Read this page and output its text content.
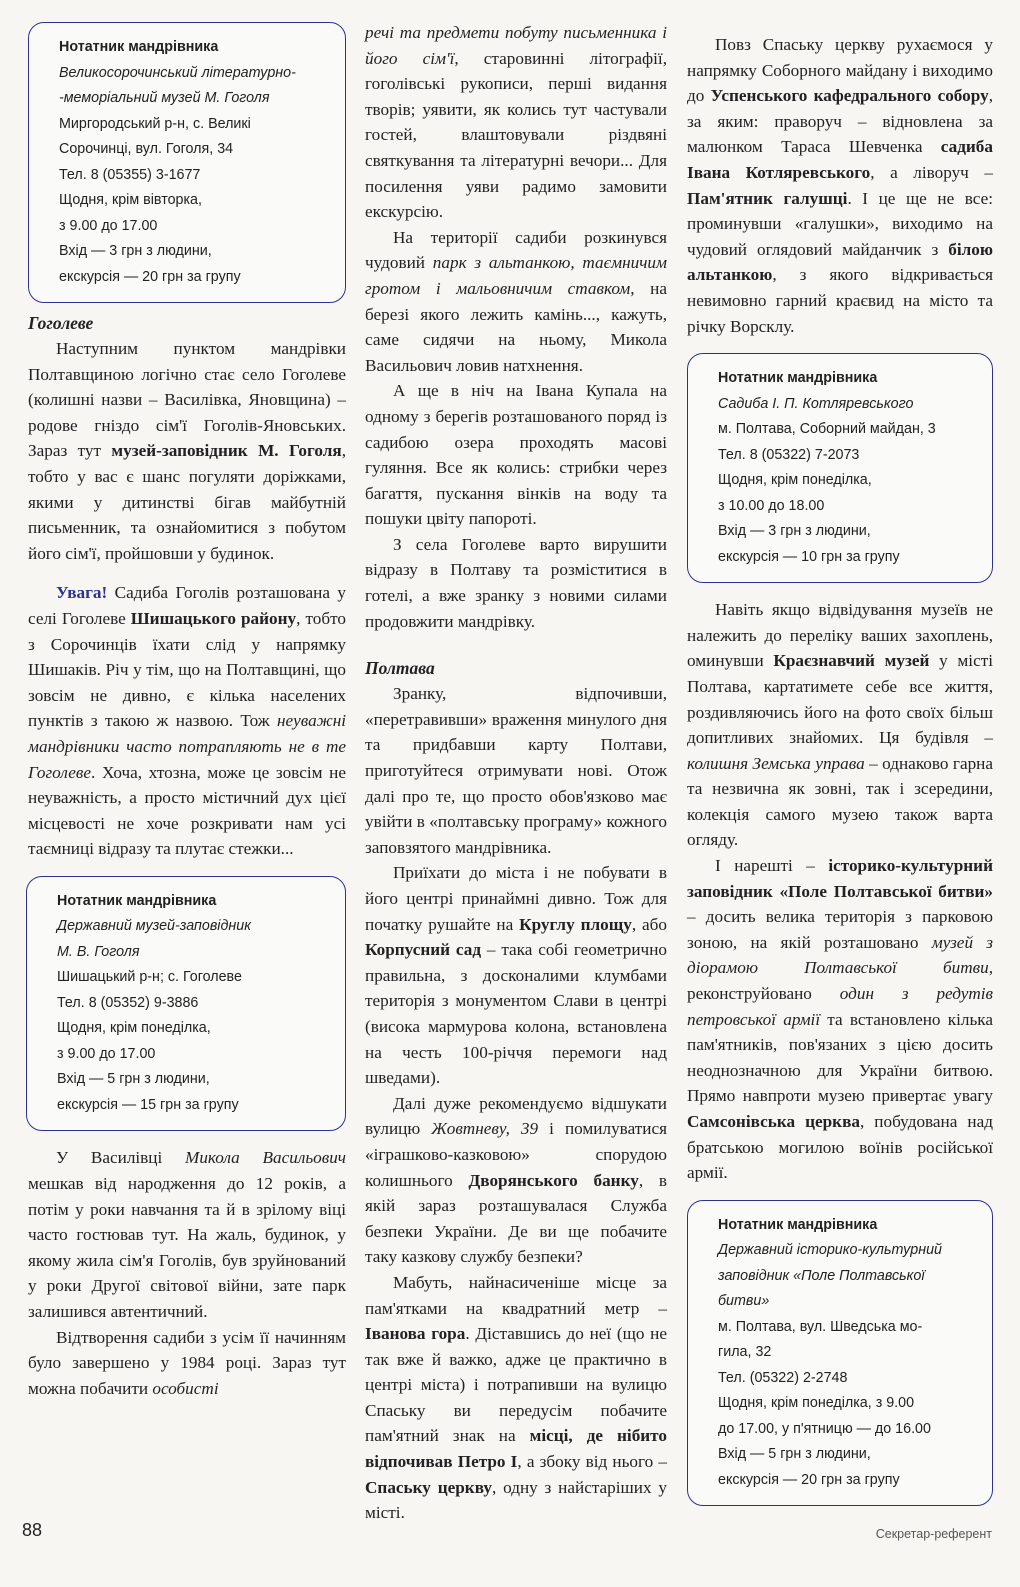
Нотатник мандрівника
Великосорочинський літературно-
-меморіальний музей М. Гоголя
Миргородський р-н, с. Великі
Сорочинці, вул. Гоголя, 34
Тел. 8 (05355) 3-1677
Щодня, крім вівторка,
з 9.00 до 17.00
Вхід — 3 грн з людини,
екскурсія — 20 грн за групу
Гоголеве

Наступним пунктом мандрівки Полтавщиною логічно стає село Гоголеве (колишні назви – Василівка, Яновщина) – родове гніздо сім'ї Гоголів-Яновських. Зараз тут музей-заповідник М. Гоголя, тобто у вас є шанс погуляти доріжками, якими у дитинстві бігав майбутній письменник, та ознайомитися з побутом його сім'ї, пройшовши у будинок.

Увага! Садиба Гоголів розташована у селі Гоголеве Шишацького району, тобто з Сорочинців їхати слід у напрямку Шишаків. Річ у тім, що на Полтавщині, що зовсім не дивно, є кілька населених пунктів з такою ж назвою. Тож неуважні мандрівники часто потрапляють не в те Гоголеве. Хоча, хтозна, може це зовсім не неуважність, а просто містичний дух цієї місцевості не хоче розкривати нам усі таємниці відразу та плутає стежки...

Нотатник мандрівника
Державний музей-заповідник
М. В. Гоголя
Шишацький р-н; с. Гоголеве
Тел. 8 (05352) 9-3886
Щодня, крім понеділка,
з 9.00 до 17.00
Вхід — 5 грн з людини,
екскурсія — 15 грн за групу

У Василівці Микола Васильович мешкав від народження до 12 років, а потім у роки навчання та й в зрілому віці часто гостював тут. На жаль, будинок, у якому жила сім'я Гоголів, був зруйнований у роки Другої світової війни, зате парк залишився автентичний.

Відтворення садиби з усім її начинням було завершено у 1984 році. Зараз тут можна побачити особисті

речі та предмети побуту письменника і його сім'ї, старовинні літографії, гоголівські рукописи, перші видання творів; уявити, як колись тут частували гостей, влаштовували різдвяні святкування та літературні вечори... Для посилення уяви радимо замовити екскурсію.

На території садиби розкинувся чудовий парк з альтанкою, таємничим гротом і мальовничим ставком, на березі якого лежить камінь..., кажуть, саме сидячи на ньому, Микола Васильович ловив натхнення.

А ще в ніч на Івана Купала на одному з берегів розташованого поряд із садибою озера проходять масові гуляння. Все як колись: стрибки через багаття, пускання вінків на воду та пошуки цвіту папороті.

З села Гоголеве варто вирушити відразу в Полтаву та розміститися в готелі, а вже зранку з новими силами продовжити мандрівку.

Полтава

Зранку, відпочивши, «перетравивши» враження минулого дня та придбавши карту Полтави, приготуйтеся отримувати нові. Отож далі про те, що просто обов'язково має увійти в «полтавську програму» кожного заповзятого мандрівника.

Приїхати до міста і не побувати в його центрі принаймні дивно. Тож для початку рушайте на Круглу площу, або Корпусний сад – така собі геометрично правильна, з досконалими клумбами територія з монументом Слави в центрі (висока мармурова колона, встановлена на честь 100-річчя перемоги над шведами).

Далі дуже рекомендуємо відшукати вулицю Жовтневу, 39 і помилуватися «іграшково-казковою» спорудою колишнього Дворянського банку, в якій зараз розташувалася Служба безпеки України. Де ви ще побачите таку казкову службу безпеки?

Мабуть, найнасиченіше місце за пам'ятками на квадратний метр – Іванова гора. Діставшись до неї (що не так вже й важко, адже це практично в центрі міста) і потрапивши на вулицю Спаську ви передусім побачите пам'ятний знак на місці, де нібито відпочивав Петро І, а збоку від нього – Спаську церкву, одну з найстаріших у місті.

Повз Спаську церкву рухаємося у напрямку Соборного майдану і виходимо до Успенського кафедрального собору, за яким: праворуч – відновлена за малюнком Тараса Шевченка садиба Івана Котляревського, а ліворуч – Пам'ятник галушці. І це ще не все: проминувши «галушки», виходимо на чудовий оглядовий майданчик з білою альтанкою, з якого відкривається невимовно гарний краєвид на місто та річку Ворсклу.

Нотатник мандрівника
Садиба І. П. Котляревського
м. Полтава, Соборний майдан, 3
Тел. 8 (05322) 7-2073
Щодня, крім понеділка,
з 10.00 до 18.00
Вхід — 3 грн з людини,
екскурсія — 10 грн за групу

Навіть якщо відвідування музеїв не належить до переліку ваших захоплень, оминувши Краєзнавчий музей у місті Полтава, картатимете себе все життя, роздивляючись його на фото своїх більш допитливих знайомих. Ця будівля – колишня Земська управа – однаково гарна та незвична як зовні, так і зсередини, колекція самого музею також варта огляду.

І нарешті – історико-культурний заповідник «Поле Полтавської битви» – досить велика територія з парковою зоною, на якій розташовано музей з діорамою Полтавської битви, реконструйовано один з редутів петровської армії та встановлено кілька пам'ятників, пов'язаних з цією досить неоднозначною для України битвою. Прямо навпроти музею привертає увагу Самсонівська церква, побудована над братською могилою воїнів російської армії.

Нотатник мандрівника
Державний історико-культурний
заповідник «Поле Полтавської
битви»
м. Полтава, вул. Шведська мо-
гила, 32
Тел. (05322) 2-2748
Щодня, крім понеділка, з 9.00
до 17.00, у п'ятницю — до 16.00
Вхід — 5 грн з людини,
екскурсія — 20 грн за групу
88	Секретар-референт
